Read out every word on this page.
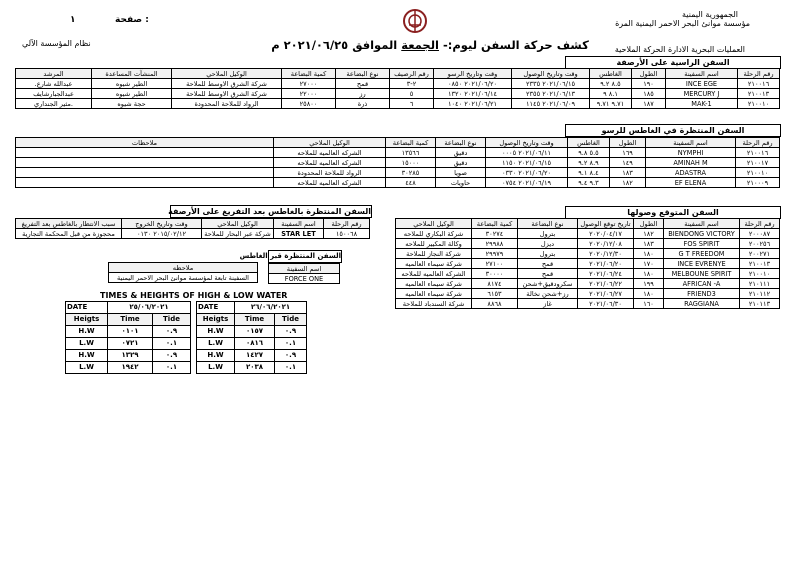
الجمهورية اليمنية
مؤسسة موانئ البحر الاحمر اليمنية المرة
العمليات البحرية الادارة الحركة الملاحية
صفحة :
١
نظام المؤسسة الآلي	كشف حركة السفن ليوم:- الجمعة الموافق ٢٠٢١/٠٦/٢٥ م
السفن الراسية على الأرصفة
رقم الرحلة	اسم السفينة	الطول	الغاطس	وقت وتاريخ الوصول	وقت وتاريخ الرسو	رقم الرصيف	نوع البضاعة	كمية البضاعة	الوكيل الملاحي	المنشآت المساعدة	المرشد
٢١٠٠١٦	INCE EGE	١٩٠	٨.٥ ٩.٢	٢٠٢١/٠٦/١٥ ٢٣٣٥	٢٠٢١/٠٦/٢٠ ٠٨٥٠	٢-٣	قمح	٢٧٠٠٠	شركة الشرق الاوسط للملاحة	الطير شيوه	عبدالله شارع.
٢١٠٠١٣	MERCURY J	١٨٥	٨.١ ٩	٢٠٢١/٠٦/١٣ ٢٣٥٥	٢٠٢١/٠٦/١٤ ١٣٢٠	٥	رز	٢٢٠٠٠	شركة الشرق الاوسط للملاحة	الطير شيوه	عبدالجبارشايف
٢١٠٠١٠	MAK-1	١٨٧	٩.٧١ ٩.٧١	٢٠٢١/٠٦/٠٩ ١١٤٥	٢٠٢١/٠٦/٢١ ١٠٤٠	٦	ذرة	٢٥٨٠٠	الرواد للملاحة المحدودة	حجة شيوه	.مثير الجنداري
السفن المنتظرة في الغاطس للرسو
رقم الرحلة	اسم السفينة	الطول	الغاطس	وقت وتاريخ الوصول	نوع البضاعة	كمية البضاعة	الوكيل الملاحي	ملاحظات
٢١٠٠١٦	NYMPHI	١٦٩	٥.٥ ٩.٨	٢٠٢١/٠٦/١١ ٠٠٠٥	دقيق	١٣٥٦٦	الشركه العالميه للملاحه	
٢١٠٠١٧	AMINAH M	١٤٩	٨.٩ ٩.٢	٢٠٢١/٠٦/١٥ ١١٥٠	دقيق	١٥٠٠٠	الشركه العالميه للملاحه	
٢١٠٠١٠	ADASTRA	١٨٣	٨.٤ ٩.١	٢٠٢١/٠٦/٢٠ ٠٣٣٠	صويا	٣٠٢٨٥	الرواد للملاحة المحدودة	
٢١٠٠٠٩	EF ELENA	١٨٢	٩.٣ ٩.٤	٢٠٢١/٠٦/١٩ ٠٧٥٤	حاويات	٤٤٨	الشركه العالميه للملاحه	
السفن المنتظرة بالغاطس بعد التفريغ على الأرصفة
رقم الرحلة	اسم السفينة	الوكيل الملاحي	وقت وتاريخ الخروج	سبب الانتظار بالغاطس بعد التفريغ
١٥٠٠٦٨	STAR LET	شركة عبر البحار للملاحة	٢٠١٥/٠٢/١٢ ٠١٣٠	محجوزة من قبل المحكمة التجارية
السفن المنتظرة قبر الغاطس
اسم السفينة
FORCE ONE
ملاحظه
السفينة تابعة لمؤسسة موانئ البحر الاحمر اليمنية
السفن المتوقع وصولها
رقم الرحلة	اسم السفينة	الطول	تاريخ توقع الوصول	نوع البضاعة	كمية البضاعة	الوكيل الملاحي
٢٠٠٠٨٧	BIENDONG VICTORY	١٨٢	٢٠٢٠/٠٤/١٧	بترول	٣٠٢٧٤	شركة البكاري للملاحه
٢٠٠٢٥٦	FOS SPIRIT	١٨٣	٢٠٢٠/١٢/٠٨	ديزل	٢٩٩٨٨	وكالة المكيير للملاحه
٢٠٠٢٧١	G T FREEDOM	١٨٠	٢٠٢٠/١٢/٣٠	بترول	٢٩٩٧٩	شركة النجاز للملاحة
٢١٠٠١٣	INCE EVRENYE	١٧٠	٢٠٢١/٠٦/٢٠	قمح	٢٧١٠٠	شركة سيماء العالميه
٢١٠٠١٠	MELBOUNE SPIRIT	١٨٠	٢٠٢١/٠٦/٢٤	قمح	٣٠٠٠٠	الشركه العالميه للملاحه
٢١٠١١١	AFRICAN -A	١٩٩	٢٠٢١/٠٦/٢٢	سكرودقيق+شحن	٨١٧٤	شركة سيماء العالميه
٢١٠١١٢	FRIEND3	١٨٠	٢٠٢١/٠٦/٢٧	رز+شحن نخالة	٦١٥٣	شركة سيماء العالميه
٢١٠١١٣	RAGGIANA	١٦٠	٢٠٢١/٠٦/٣٠	غاز	٨٨٦٨	شركة السندباد للملاحة
TIMES & HEIGHTS OF HIGH & LOW WATER
DATE	٢٥/٠٦/٢٠٢١	
Heigts	Time	Tide
H.W	٠١٠١	٠.٩
L.W	٠٧٢١	٠.١
H.W	١٣٢٩	٠.٩
L.W	١٩٤٢	٠.١
DATE	٢٦/٠٦/٢٠٢١	
Heigts	Time	Tide
H.W	٠١٥٧	٠.٩
L.W	٠٨١٦	٠.١
H.W	١٤٢٧	٠.٩
L.W	٢٠٣٨	٠.١
